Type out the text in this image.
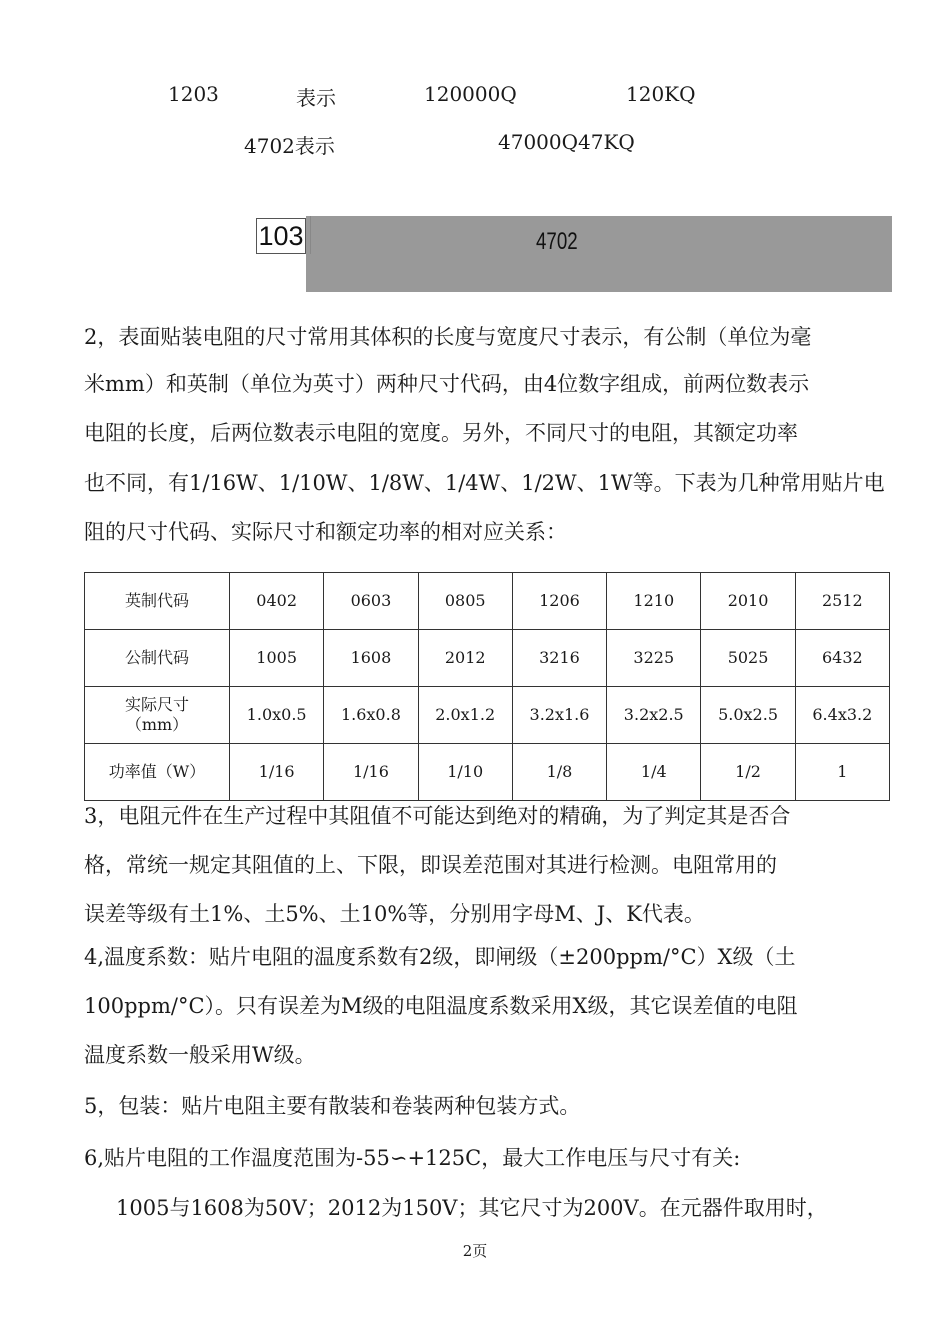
1203	表示	120000Q	120KQ
4702表示	47000Q47KQ
4702
103
2，表面贴装电阻的尺寸常用其体积的长度与宽度尺寸表示，有公制（单位为毫
米mm）和英制（单位为英寸）两种尺寸代码，由4位数字组成，前两位数表示
电阻的长度，后两位数表示电阻的宽度。另外，不同尺寸的电阻，其额定功率
也不同，有1/16W、1/10W、1/8W、1/4W、1/2W、1W等。下表为几种常用贴片电
阻的尺寸代码、实际尺寸和额定功率的相对应关系：
英制代码	0402	0603	0805	1206	1210	2010	2512
公制代码	1005	1608	2012	3216	3225	5025	6432
实际尺寸
（mm）	1.0x0.5	1.6x0.8	2.0x1.2	3.2x1.6	3.2x2.5	5.0x2.5	6.4x3.2
功率值（W）	1/16	1/16	1/10	1/8	1/4	1/2	1
3，电阻元件在生产过程中其阻值不可能达到绝对的精确，为了判定其是否合
格，常统一规定其阻值的上、下限，即误差范围对其进行检测。电阻常用的
误差等级有土1%、土5%、土10%等，分别用字母M、J、K代表。
4,温度系数：贴片电阻的温度系数有2级，即闸级（±200ppm/°C）X级（土
100ppm/°C）。只有误差为M级的电阻温度系数采用X级，其它误差值的电阻
温度系数一般采用W级。
5，包装：贴片电阻主要有散装和卷装两种包装方式。
6,贴片电阻的工作温度范围为-55∽+125C，最大工作电压与尺寸有关:
1005与1608为50V；2012为150V；其它尺寸为200V。在元器件取用时，
2页
